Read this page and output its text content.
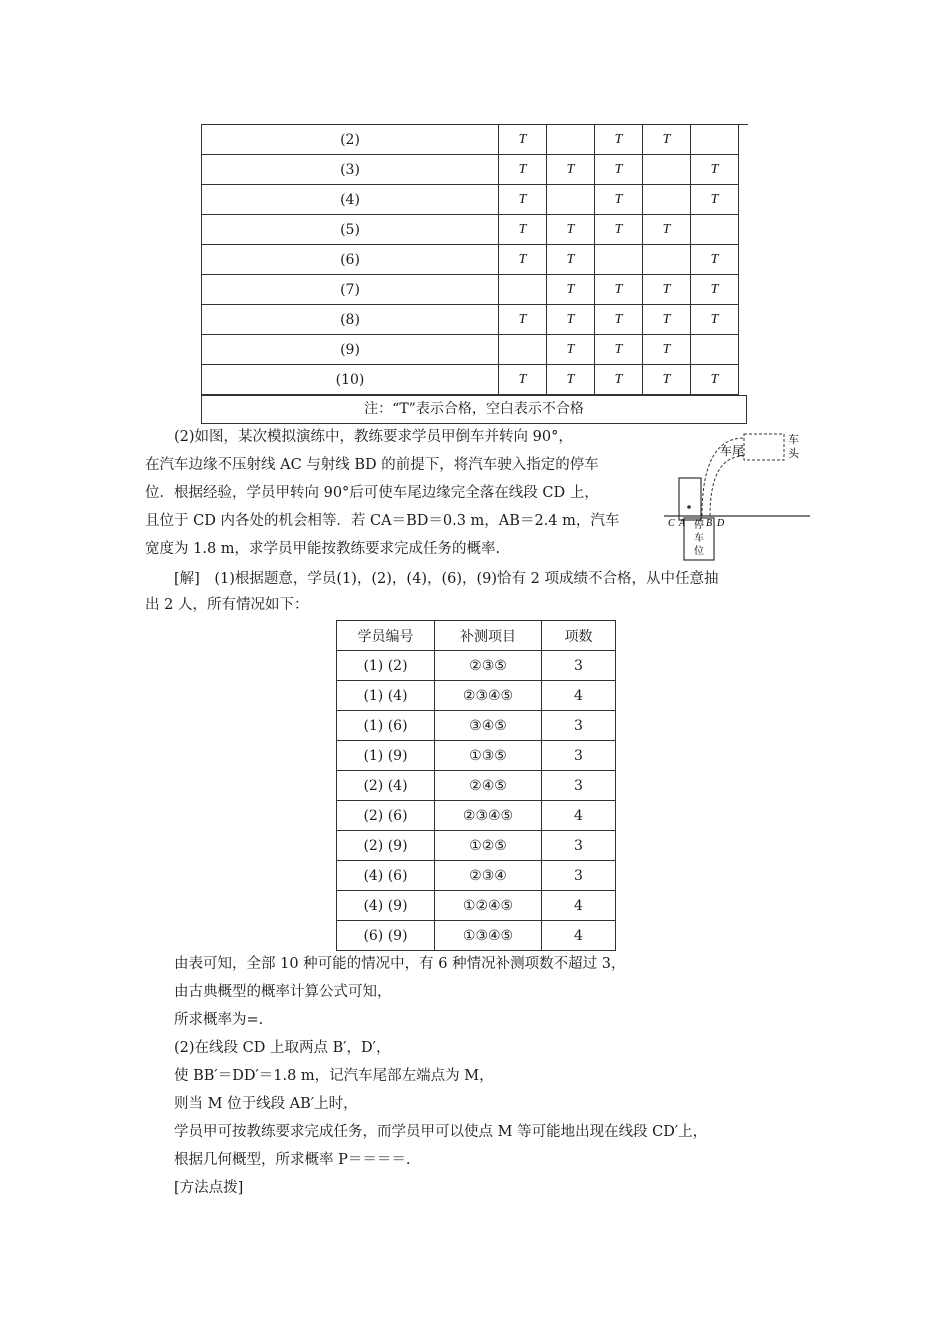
(2)	T		T	T	
(3)	T	T	T		T
(4)	T		T		T
(5)	T	T	T	T	
(6)	T	T			T
(7)		T	T	T	T
(8)	T	T	T	T	T
(9)		T	T	T	
(10)	T	T	T	T	T
注：“T”表示合格，空白表示不合格
(2)如图，某次模拟演练中，教练要求学员甲倒车并转向 90°，
在汽车边缘不压射线 AC 与射线 BD 的前提下，将汽车驶入指定的停车
位．根据经验，学员甲转向 90°后可使车尾边缘完全落在线段 CD 上，
且位于 CD 内各处的机会相等．若 CA＝BD＝0.3 m，AB＝2.4 m，汽车
宽度为 1.8 m，求学员甲能按教练要求完成任务的概率.
车尾
车
头
C A B D
停
车
位
[解]　(1)根据题意，学员(1)，(2)，(4)，(6)，(9)恰有 2 项成绩不合格，从中任意抽
出 2 人，所有情况如下：
学员编号	补测项目	项数
(1) (2)	②③⑤	3
(1) (4)	②③④⑤	4
(1) (6)	③④⑤	3
(1) (9)	①③⑤	3
(2) (4)	②④⑤	3
(2) (6)	②③④⑤	4
(2) (9)	①②⑤	3
(4) (6)	②③④	3
(4) (9)	①②④⑤	4
(6) (9)	①③④⑤	4
由表可知，全部 10 种可能的情况中，有 6 种情况补测项数不超过 3，
由古典概型的概率计算公式可知，
所求概率为=.
(2)在线段 CD 上取两点 B′，D′，
使 BB′＝DD′＝1.8 m，记汽车尾部左端点为 M，
则当 M 位于线段 AB′上时，
学员甲可按教练要求完成任务，而学员甲可以使点 M 等可能地出现在线段 CD′上，
根据几何概型，所求概率 P＝＝＝＝.
[方法点拨]
